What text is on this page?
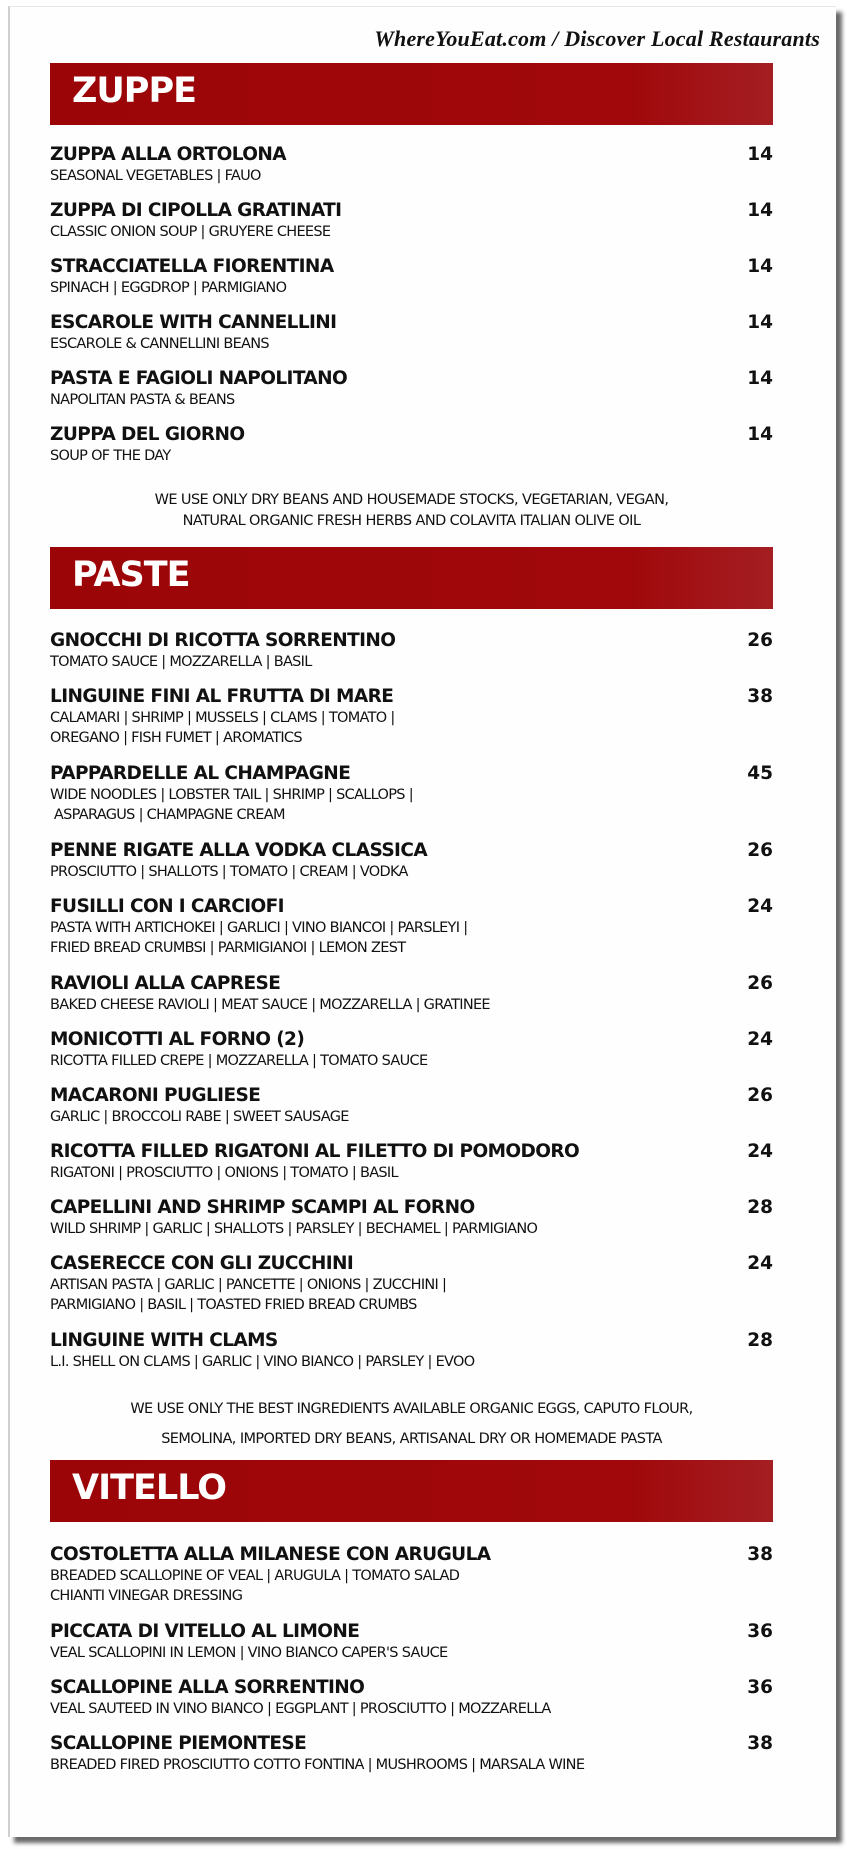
WhereYouEat.com / Discover Local Restaurants
ZUPPE
ZUPPA ALLA ORTOLONA	14
SEASONAL VEGETABLES | FAUO
ZUPPA DI CIPOLLA GRATINATI	14
CLASSIC ONION SOUP | GRUYERE CHEESE
STRACCIATELLA FIORENTINA	14
SPINACH | EGGDROP | PARMIGIANO
ESCAROLE WITH CANNELLINI	14
ESCAROLE & CANNELLINI BEANS
PASTA E FAGIOLI NAPOLITANO	14
NAPOLITAN PASTA & BEANS
ZUPPA DEL GIORNO	14
SOUP OF THE DAY
WE USE ONLY DRY BEANS AND HOUSEMADE STOCKS, VEGETARIAN, VEGAN,
NATURAL ORGANIC FRESH HERBS AND COLAVITA ITALIAN OLIVE OIL
PASTE
GNOCCHI DI RICOTTA SORRENTINO	26
TOMATO SAUCE | MOZZARELLA | BASIL
LINGUINE FINI AL FRUTTA DI MARE	38
CALAMARI | SHRIMP | MUSSELS | CLAMS | TOMATO |
OREGANO | FISH FUMET | AROMATICS
PAPPARDELLE AL CHAMPAGNE	45
WIDE NOODLES | LOBSTER TAIL | SHRIMP | SCALLOPS |
ASPARAGUS | CHAMPAGNE CREAM
PENNE RIGATE ALLA VODKA CLASSICA	26
PROSCIUTTO | SHALLOTS | TOMATO | CREAM | VODKA
FUSILLI CON I CARCIOFI	24
PASTA WITH ARTICHOKEI | GARLICI | VINO BIANCOI | PARSLEYI |
FRIED BREAD CRUMBSI | PARMIGIANOI | LEMON ZEST
RAVIOLI ALLA CAPRESE	26
BAKED CHEESE RAVIOLI | MEAT SAUCE | MOZZARELLA | GRATINEE
MONICOTTI AL FORNO (2)	24
RICOTTA FILLED CREPE | MOZZARELLA | TOMATO SAUCE
MACARONI PUGLIESE	26
GARLIC | BROCCOLI RABE | SWEET SAUSAGE
RICOTTA FILLED RIGATONI AL FILETTO DI POMODORO	24
RIGATONI | PROSCIUTTO | ONIONS | TOMATO | BASIL
CAPELLINI AND SHRIMP SCAMPI AL FORNO	28
WILD SHRIMP | GARLIC | SHALLOTS | PARSLEY | BECHAMEL | PARMIGIANO
CASERECCE CON GLI ZUCCHINI	24
ARTISAN PASTA | GARLIC | PANCETTE | ONIONS | ZUCCHINI |
PARMIGIANO | BASIL | TOASTED FRIED BREAD CRUMBS
LINGUINE WITH CLAMS	28
L.I. SHELL ON CLAMS | GARLIC | VINO BIANCO | PARSLEY | EVOO
WE USE ONLY THE BEST INGREDIENTS AVAILABLE ORGANIC EGGS, CAPUTO FLOUR,
SEMOLINA, IMPORTED DRY BEANS, ARTISANAL DRY OR HOMEMADE PASTA
VITELLO
COSTOLETTA ALLA MILANESE CON ARUGULA	38
BREADED SCALLOPINE OF VEAL | ARUGULA | TOMATO SALAD
CHIANTI VINEGAR DRESSING
PICCATA DI VITELLO AL LIMONE	36
VEAL SCALLOPINI IN LEMON | VINO BIANCO CAPER'S SAUCE
SCALLOPINE ALLA SORRENTINO	36
VEAL SAUTEED IN VINO BIANCO | EGGPLANT | PROSCIUTTO | MOZZARELLA
SCALLOPINE PIEMONTESE	38
BREADED FIRED PROSCIUTTO COTTO FONTINA | MUSHROOMS | MARSALA WINE
